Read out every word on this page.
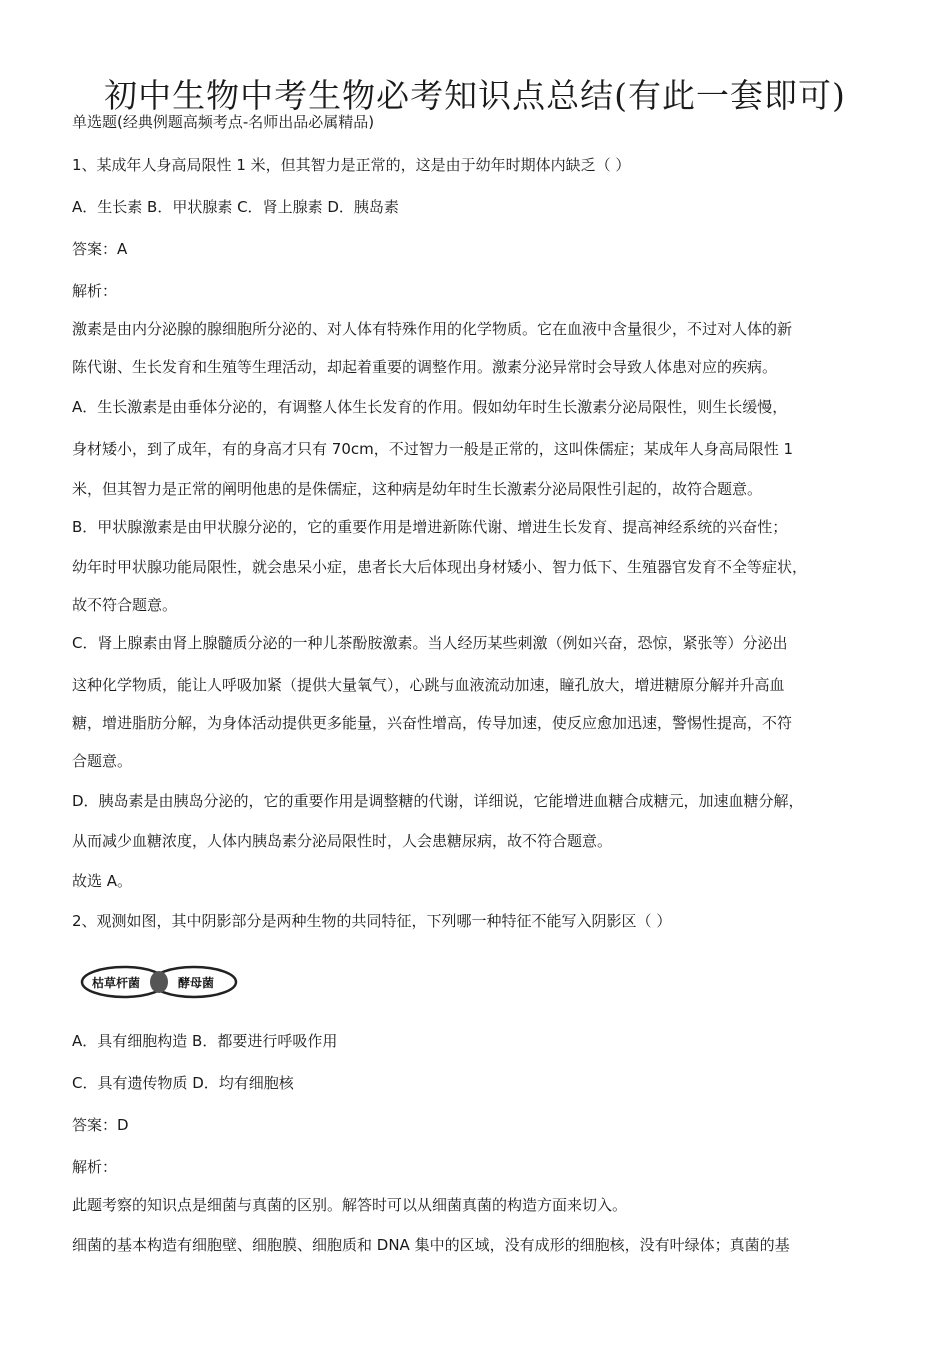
初中生物中考生物必考知识点总结(有此一套即可)
单选题(经典例题高频考点-名师出品必属精品)
1、某成年人身高局限性 1 米，但其智力是正常的，这是由于幼年时期体内缺乏（ ）
A．生长素 B．甲状腺素 C．肾上腺素 D．胰岛素
答案：A
解析：
激素是由内分泌腺的腺细胞所分泌的、对人体有特殊作用的化学物质。它在血液中含量很少，不过对人体的新
陈代谢、生长发育和生殖等生理活动，却起着重要的调整作用。激素分泌异常时会导致人体患对应的疾病。
A．生长激素是由垂体分泌的，有调整人体生长发育的作用。假如幼年时生长激素分泌局限性，则生长缓慢，
身材矮小，到了成年，有的身高才只有 70cm，不过智力一般是正常的，这叫侏儒症；某成年人身高局限性 1
米，但其智力是正常的阐明他患的是侏儒症，这种病是幼年时生长激素分泌局限性引起的，故符合题意。
B．甲状腺激素是由甲状腺分泌的，它的重要作用是增进新陈代谢、增进生长发育、提高神经系统的兴奋性；
幼年时甲状腺功能局限性，就会患呆小症，患者长大后体现出身材矮小、智力低下、生殖器官发育不全等症状，
故不符合题意。
C．肾上腺素由肾上腺髓质分泌的一种儿茶酚胺激素。当人经历某些刺激（例如兴奋，恐惊，紧张等）分泌出
这种化学物质，能让人呼吸加紧（提供大量氧气），心跳与血液流动加速，瞳孔放大，增进糖原分解并升高血
糖，增进脂肪分解，为身体活动提供更多能量，兴奋性增高，传导加速，使反应愈加迅速，警惕性提高，不符
合题意。
D．胰岛素是由胰岛分泌的，它的重要作用是调整糖的代谢，详细说，它能增进血糖合成糖元，加速血糖分解，
从而减少血糖浓度，人体内胰岛素分泌局限性时，人会患糖尿病，故不符合题意。
故选 A。
2、观测如图，其中阴影部分是两种生物的共同特征，下列哪一种特征不能写入阴影区（ ）
枯草杆菌	酵母菌
A．具有细胞构造 B．都要进行呼吸作用
C．具有遗传物质 D．均有细胞核
答案：D
解析：
此题考察的知识点是细菌与真菌的区别。解答时可以从细菌真菌的构造方面来切入。
细菌的基本构造有细胞壁、细胞膜、细胞质和 DNA 集中的区域，没有成形的细胞核，没有叶绿体；真菌的基
